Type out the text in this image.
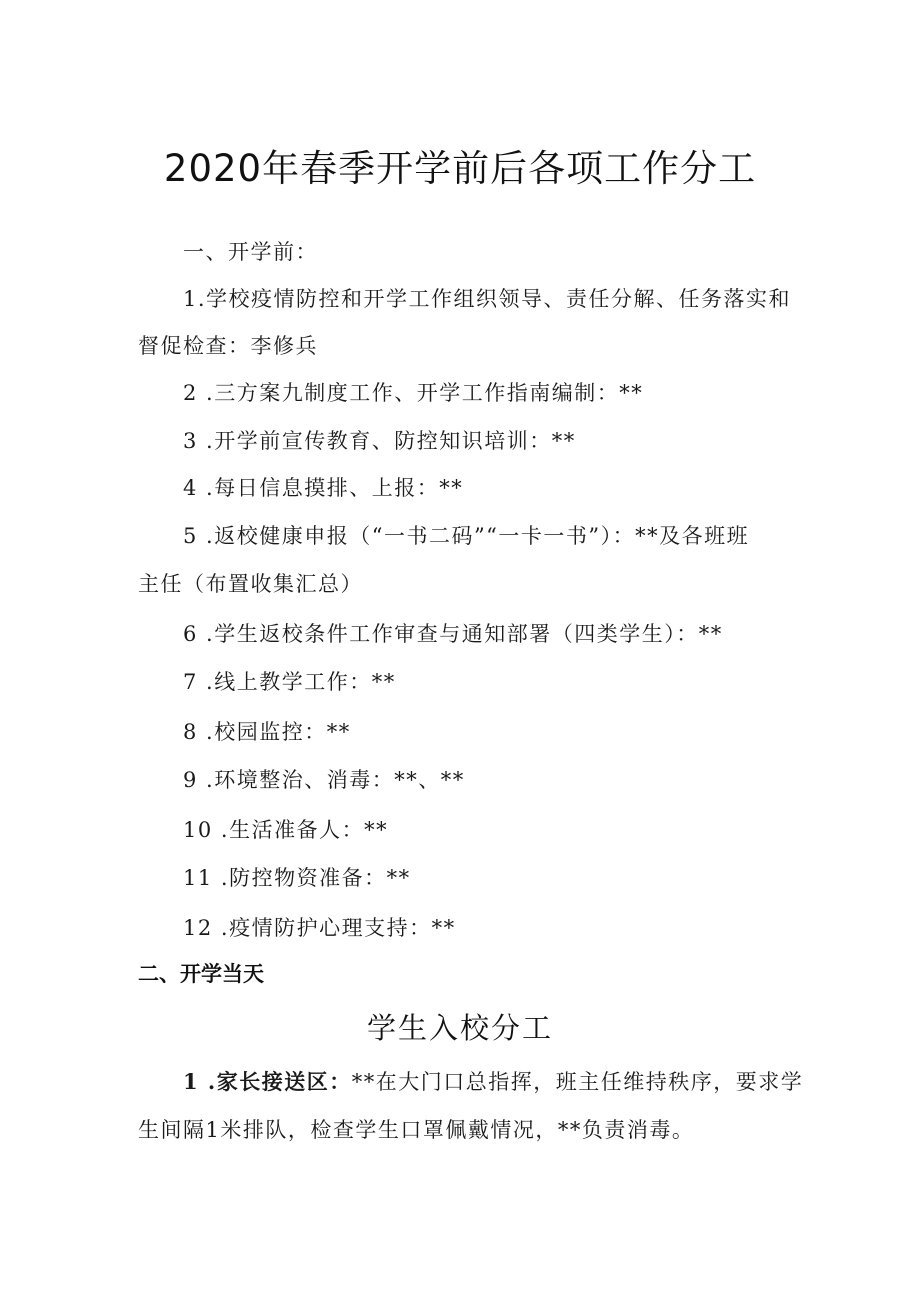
2020年春季开学前后各项工作分工
一、开学前：
1.学校疫情防控和开学工作组织领导、责任分解、任务落实和
督促检查：李修兵
2 .三方案九制度工作、开学工作指南编制：**
3 .开学前宣传教育、防控知识培训：**
4 .每日信息摸排、上报：**
5 .返校健康申报（“一书二码”“一卡一书”）：**及各班班
主任（布置收集汇总）
6 .学生返校条件工作审查与通知部署（四类学生）：**
7 .线上教学工作：**
8 .校园监控：**
9 .环境整治、消毒：**、**
10 .生活准备人：**
11 .防控物资准备：**
12 .疫情防护心理支持：**
二、开学当天
学生入校分工
1 .家长接送区：**在大门口总指挥，班主任维持秩序，要求学
生间隔1米排队，检查学生口罩佩戴情况，**负责消毒。
